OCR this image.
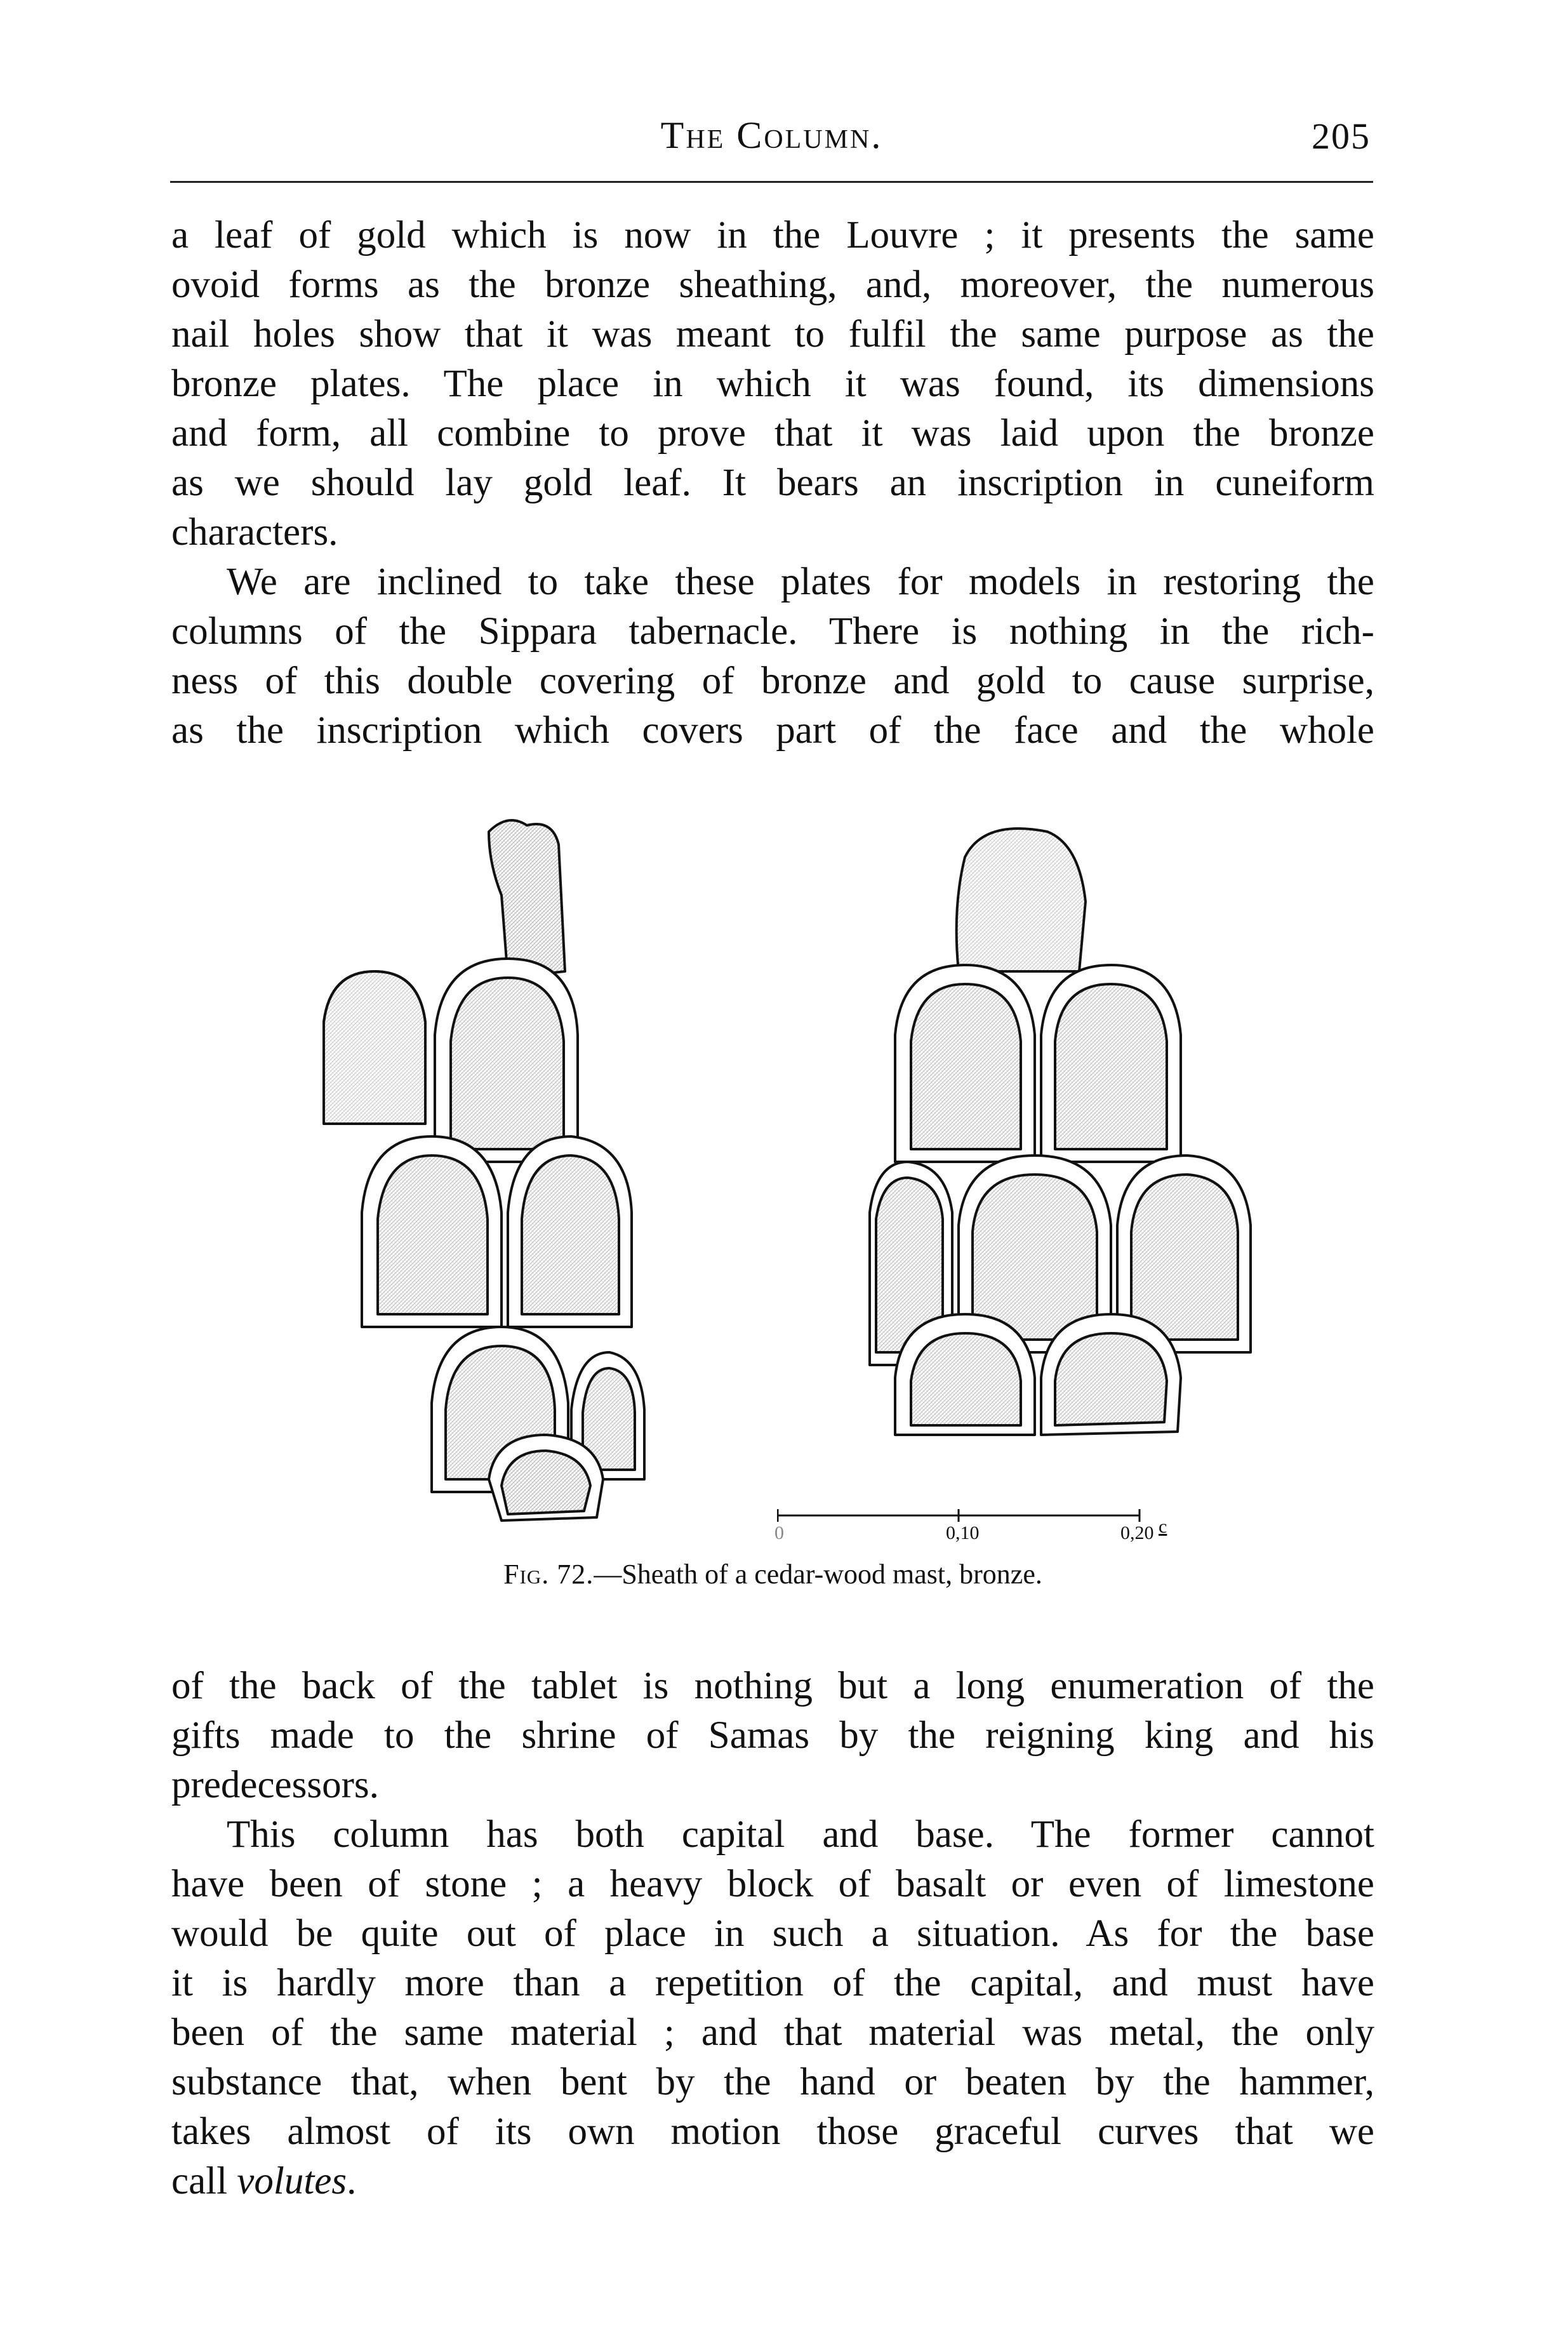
The Column.	205

a leaf of gold which is now in the Louvre ; it presents the same
ovoid forms as the bronze sheathing, and, moreover, the numerous
nail holes show that it was meant to fulfil the same purpose as the
bronze plates. The place in which it was found, its dimensions
and form, all combine to prove that it was laid upon the bronze
as we should lay gold leaf. It bears an inscription in cuneiform
characters.

We are inclined to take these plates for models in restoring the
columns of the Sippara tabernacle. There is nothing in the rich-
ness of this double covering of bronze and gold to cause surprise,
as the inscription which covers part of the face and the whole

0	0,10	0,20 c
Fig. 72.—Sheath of a cedar-wood mast, bronze.

of the back of the tablet is nothing but a long enumeration of the
gifts made to the shrine of Samas by the reigning king and his
predecessors.

This column has both capital and base. The former cannot
have been of stone ; a heavy block of basalt or even of limestone
would be quite out of place in such a situation. As for the base
it is hardly more than a repetition of the capital, and must have
been of the same material ; and that material was metal, the only
substance that, when bent by the hand or beaten by the hammer,
takes almost of its own motion those graceful curves that we
call volutes.
